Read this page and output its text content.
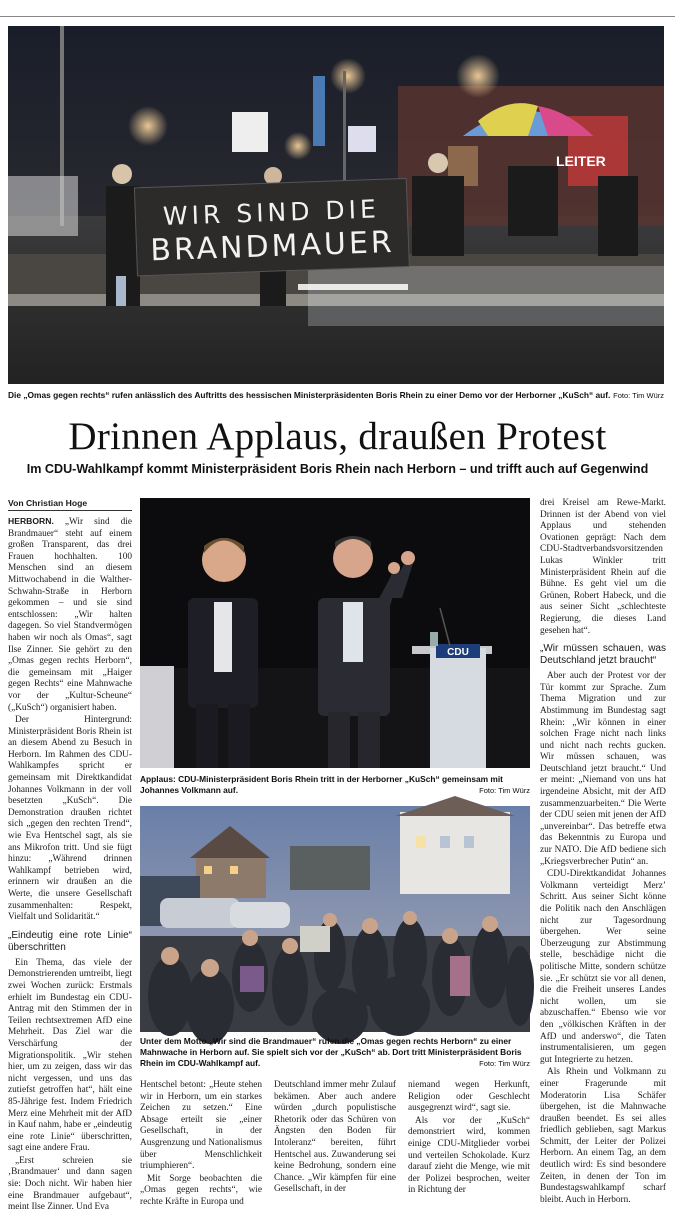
LEITER
WIR SIND DIE
BRANDMAUER
Die „Omas gegen rechts“ rufen anlässlich des Auftritts des hessischen Ministerpräsidenten Boris Rhein zu einer Demo vor der Herborner „KuSch“ auf. Foto: Tim Würz
Drinnen Applaus, draußen Protest
Im CDU-Wahlkampf kommt Ministerpräsident Boris Rhein nach Herborn – und trifft auch auf Gegenwind
Von Christian Hoge

HERBORN. „Wir sind die Brandmauer“ steht auf einem großen Transparent, das drei Frauen hochhalten. 100 Menschen sind an diesem Mittwochabend in die Walther-Schwahn-Straße in Herborn gekommen – und sie sind entschlossen: „Wir halten dagegen. So viel Standvermögen haben wir noch als Omas“, sagt Ilse Zinner. Sie gehört zu den „Omas gegen rechts Herborn“, die gemeinsam mit „Haiger gegen Rechts“ eine Mahnwache vor der „Kultur-Scheune“ („KuSch“) organisiert haben.

Der Hintergrund: Ministerpräsident Boris Rhein ist an diesem Abend zu Besuch in Herborn. Im Rahmen des CDU-Wahlkampfes spricht er gemeinsam mit Direktkandidat Johannes Volkmann in der voll besetzten „KuSch“. Die Demonstration draußen richtet sich „gegen den rechten Trend“, wie Eva Hentschel sagt, als sie ans Mikrofon tritt. Und sie fügt hinzu: „Während drinnen Wahlkampf betrieben wird, erinnern wir draußen an die Werte, die unsere Gesellschaft zusammenhalten: Respekt, Vielfalt und Solidarität.“

„Eindeutig eine rote Linie“ überschritten

Ein Thema, das viele der Demonstrierenden umtreibt, liegt zwei Wochen zurück: Erstmals erhielt im Bundestag ein CDU-Antrag mit den Stimmen der in Teilen rechtsextremen AfD eine Mehrheit. Das Ziel war die Verschärfung der Migrationspolitik. „Wir stehen hier, um zu zeigen, dass wir das nicht vergessen, und uns das zutiefst getroffen hat“, hält eine 85-Jährige fest. Indem Friedrich Merz eine Mehrheit mit der AfD in Kauf nahm, habe er „eindeutig eine rote Linie“ überschritten, sagt eine andere Frau.

„Erst schreien sie ‚Brandmauer‘ und dann sagen sie: Doch nicht. Wir haben hier eine Brandmauer aufgebaut“, meint Ilse Zinner. Und Eva

CDU
Applaus: CDU-Ministerpräsident Boris Rhein tritt in der Herborner „KuSch“ gemeinsam mit Johannes Volkmann auf.	Foto: Tim Würz
Unter dem Motto „Wir sind die Brandmauer“ rufen die „Omas gegen rechts Herborn“ zu einer Mahnwache in Herborn auf. Sie spielt sich vor der „KuSch“ ab. Dort tritt Ministerpräsident Boris Rhein im CDU-Wahlkampf auf.	Foto: Tim Würz

Hentschel betont: „Heute stehen wir in Herborn, um ein starkes Zeichen zu setzen.“ Eine Absage erteilt sie „einer Gesellschaft, in der Ausgrenzung und Nationalismus über Menschlichkeit triumphieren“.

Mit Sorge beobachten die „Omas gegen rechts“, wie rechte Kräfte in Europa und

Deutschland immer mehr Zulauf bekämen. Aber auch andere würden „durch populistische Rhetorik oder das Schüren von Ängsten den Boden für Intoleranz“ bereiten, führt Hentschel aus. Zuwanderung sei keine Bedrohung, sondern eine Chance. „Wir kämpfen für eine Gesellschaft, in der

niemand wegen Herkunft, Religion oder Geschlecht ausgegrenzt wird“, sagt sie.

Als vor der „KuSch“ demonstriert wird, kommen einige CDU-Mitglieder vorbei und verteilen Schokolade. Kurz darauf zieht die Menge, wie mit der Polizei besprochen, weiter in Richtung der

drei Kreisel am Rewe-Markt. Drinnen ist der Abend von viel Applaus und stehenden Ovationen geprägt: Nach dem CDU-Stadtverbandsvorsitzenden Lukas Winkler tritt Ministerpräsident Rhein auf die Bühne. Es geht viel um die Grünen, Robert Habeck, und die aus seiner Sicht „schlechteste Regierung, die dieses Land gesehen hat“.

„Wir müssen schauen, was Deutschland jetzt braucht“

Aber auch der Protest vor der Tür kommt zur Sprache. Zum Thema Migration und zur Abstimmung im Bundestag sagt Rhein: „Wir können in einer solchen Frage nicht nach links und nicht nach rechts gucken. Wir müssen schauen, was Deutschland jetzt braucht.“ Und er meint: „Niemand von uns hat irgendeine Absicht, mit der AfD zusammenzuarbeiten.“ Die Werte der CDU seien mit jenen der AfD „unvereinbar“. Das betreffe etwa das Bekenntnis zu Europa und zur NATO. Die AfD bediene sich „Kriegsverbrecher Putin“ an.

CDU-Direktkandidat Johannes Volkmann verteidigt Merz’ Schritt. Aus seiner Sicht könne die Politik nach den Anschlägen nicht zur Tagesordnung übergehen. Wer seine Überzeugung zur Abstimmung stelle, beschädige nicht die politische Mitte, sondern schütze sie. „Er schützt sie vor all denen, die die Freiheit unseres Landes nicht wollen, um sie abzuschaffen.“ Ebenso wie vor den „völkischen Kräften in der AfD und anderswo“, die Taten instrumentalisieren, um gegen gut Integrierte zu hetzen.

Als Rhein und Volkmann zu einer Fragerunde mit Moderatorin Lisa Schäfer übergehen, ist die Mahnwache draußen beendet. Es sei alles friedlich geblieben, sagt Markus Schmitt, der Leiter der Polizei Herborn. An einem Tag, an dem deutlich wird: Es sind besondere Zeiten, in denen der Ton im Bundestagswahlkampf scharf bleibt. Auch in Herborn.
